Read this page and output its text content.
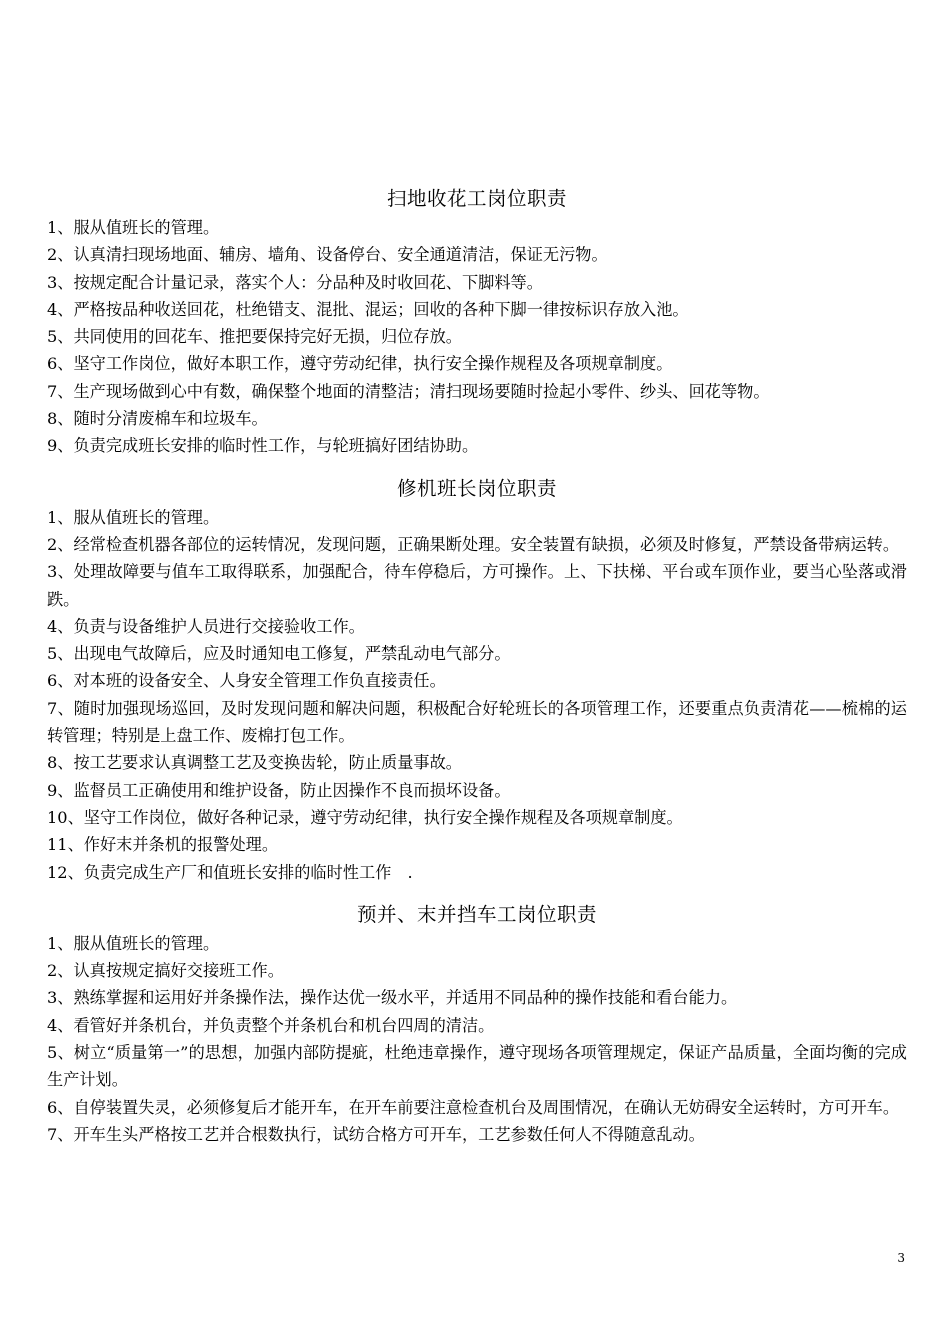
扫地收花工岗位职责

1、服从值班长的管理。

2、认真清扫现场地面、辅房、墙角、设备停台、安全通道清洁，保证无污物。

3、按规定配合计量记录，落实个人：分品种及时收回花、下脚料等。

4、严格按品种收送回花，杜绝错支、混批、混运；回收的各种下脚一律按标识存放入池。

5、共同使用的回花车、推把要保持完好无损，归位存放。

6、坚守工作岗位，做好本职工作，遵守劳动纪律，执行安全操作规程及各项规章制度。

7、生产现场做到心中有数，确保整个地面的清整洁；清扫现场要随时捡起小零件、纱头、回花等物。

8、随时分清废棉车和垃圾车。

9、负责完成班长安排的临时性工作，与轮班搞好团结协助。

修机班长岗位职责

1、服从值班长的管理。

2、经常检查机器各部位的运转情况，发现问题，正确果断处理。安全装置有缺损，必须及时修复，严禁设备带病运转。

3、处理故障要与值车工取得联系，加强配合，待车停稳后，方可操作。上、下扶梯、平台或车顶作业，要当心坠落或滑跌。

4、负责与设备维护人员进行交接验收工作。

5、出现电气故障后，应及时通知电工修复，严禁乱动电气部分。

6、对本班的设备安全、人身安全管理工作负直接责任。

7、随时加强现场巡回，及时发现问题和解决问题，积极配合好轮班长的各项管理工作，还要重点负责清花——梳棉的运转管理；特别是上盘工作、废棉打包工作。

8、按工艺要求认真调整工艺及变换齿轮，防止质量事故。

9、监督员工正确使用和维护设备，防止因操作不良而损坏设备。

10、坚守工作岗位，做好各种记录，遵守劳动纪律，执行安全操作规程及各项规章制度。

11、作好末并条机的报警处理。

12、负责完成生产厂和值班长安排的临时性工作　.

预并、末并挡车工岗位职责

1、服从值班长的管理。

2、认真按规定搞好交接班工作。

3、熟练掌握和运用好并条操作法，操作达优一级水平，并适用不同品种的操作技能和看台能力。

4、看管好并条机台，并负责整个并条机台和机台四周的清洁。

5、树立“质量第一”的思想，加强内部防提疵，杜绝违章操作，遵守现场各项管理规定，保证产品质量，全面均衡的完成生产计划。

6、自停装置失灵，必须修复后才能开车，在开车前要注意检查机台及周围情况，在确认无妨碍安全运转时，方可开车。

7、开车生头严格按工艺并合根数执行，试纺合格方可开车，工艺参数任何人不得随意乱动。

3
